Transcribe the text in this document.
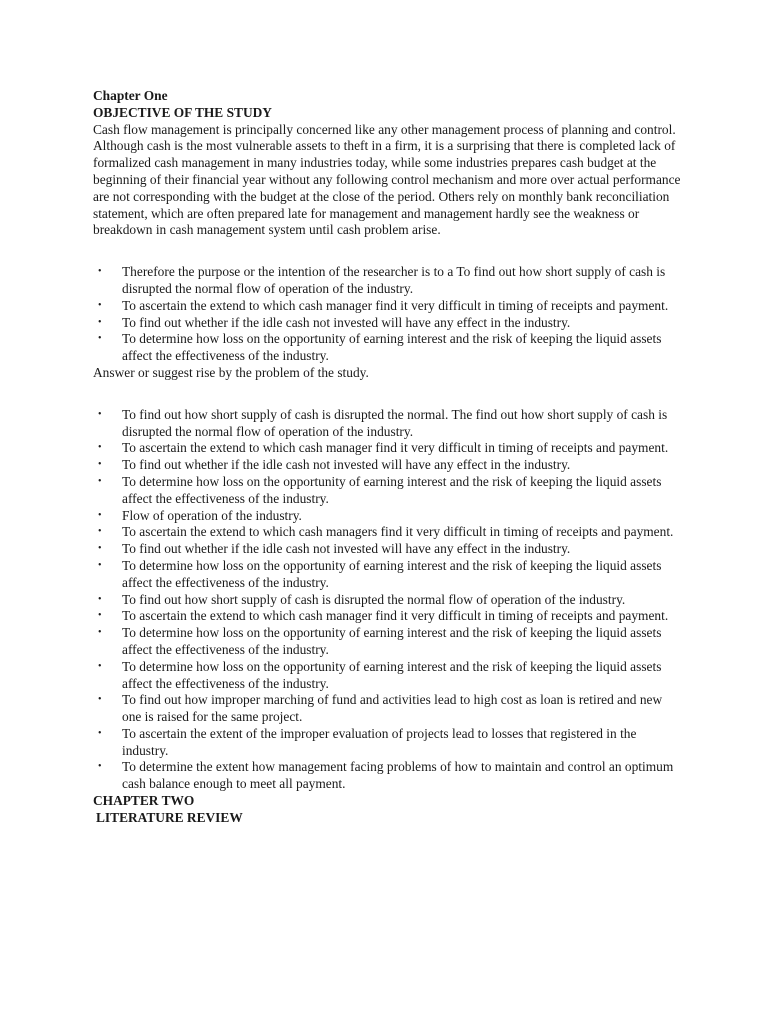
Chapter One

OBJECTIVE OF THE STUDY

Cash flow management is principally concerned like any other management process of planning and control. Although cash is the most vulnerable assets to theft in a firm, it is a surprising that there is completed lack of formalized cash management in many industries today, while some industries prepares cash budget at the beginning of their financial year without any following control mechanism and more over actual performance are not corresponding with the budget at the close of the period. Others rely on monthly bank reconciliation statement, which are often prepared late for management and management hardly see the weakness or breakdown in cash management system until cash problem arise.

• Therefore the purpose or the intention of the researcher is to a To find out how short supply of cash is disrupted the normal flow of operation of the industry.
• To ascertain the extend to which cash manager find it very difficult in timing of receipts and payment.
• To find out whether if the idle cash not invested will have any effect in the industry.
• To determine how loss on the opportunity of earning interest and the risk of keeping the liquid assets affect the effectiveness of the industry.

Answer or suggest rise by the problem of the study.

• To find out how short supply of cash is disrupted the normal. The find out how short supply of cash is disrupted the normal flow of operation of the industry.
• To ascertain the extend to which cash manager find it very difficult in timing of receipts and payment.
• To find out whether if the idle cash not invested will have any effect in the industry.
• To determine how loss on the opportunity of earning interest and the risk of keeping the liquid assets affect the effectiveness of the industry.
• Flow of operation of the industry.
• To ascertain the extend to which cash managers find it very difficult in timing of receipts and payment.
• To find out whether if the idle cash not invested will have any effect in the industry.
• To determine how loss on the opportunity of earning interest and the risk of keeping the liquid assets affect the effectiveness of the industry.
• To find out how short supply of cash is disrupted the normal flow of operation of the industry.
• To ascertain the extend to which cash manager find it very difficult in timing of receipts and payment.
• To determine how loss on the opportunity of earning interest and the risk of keeping the liquid assets affect the effectiveness of the industry.
• To determine how loss on the opportunity of earning interest and the risk of keeping the liquid assets affect the effectiveness of the industry.
• To find out how improper marching of fund and activities lead to high cost as loan is retired and new one is raised for the same project.
• To ascertain the extent of the improper evaluation of projects lead to losses that registered in the industry.
• To determine the extent how management facing problems of how to maintain and control an optimum cash balance enough to meet all payment.

CHAPTER TWO

LITERATURE REVIEW
